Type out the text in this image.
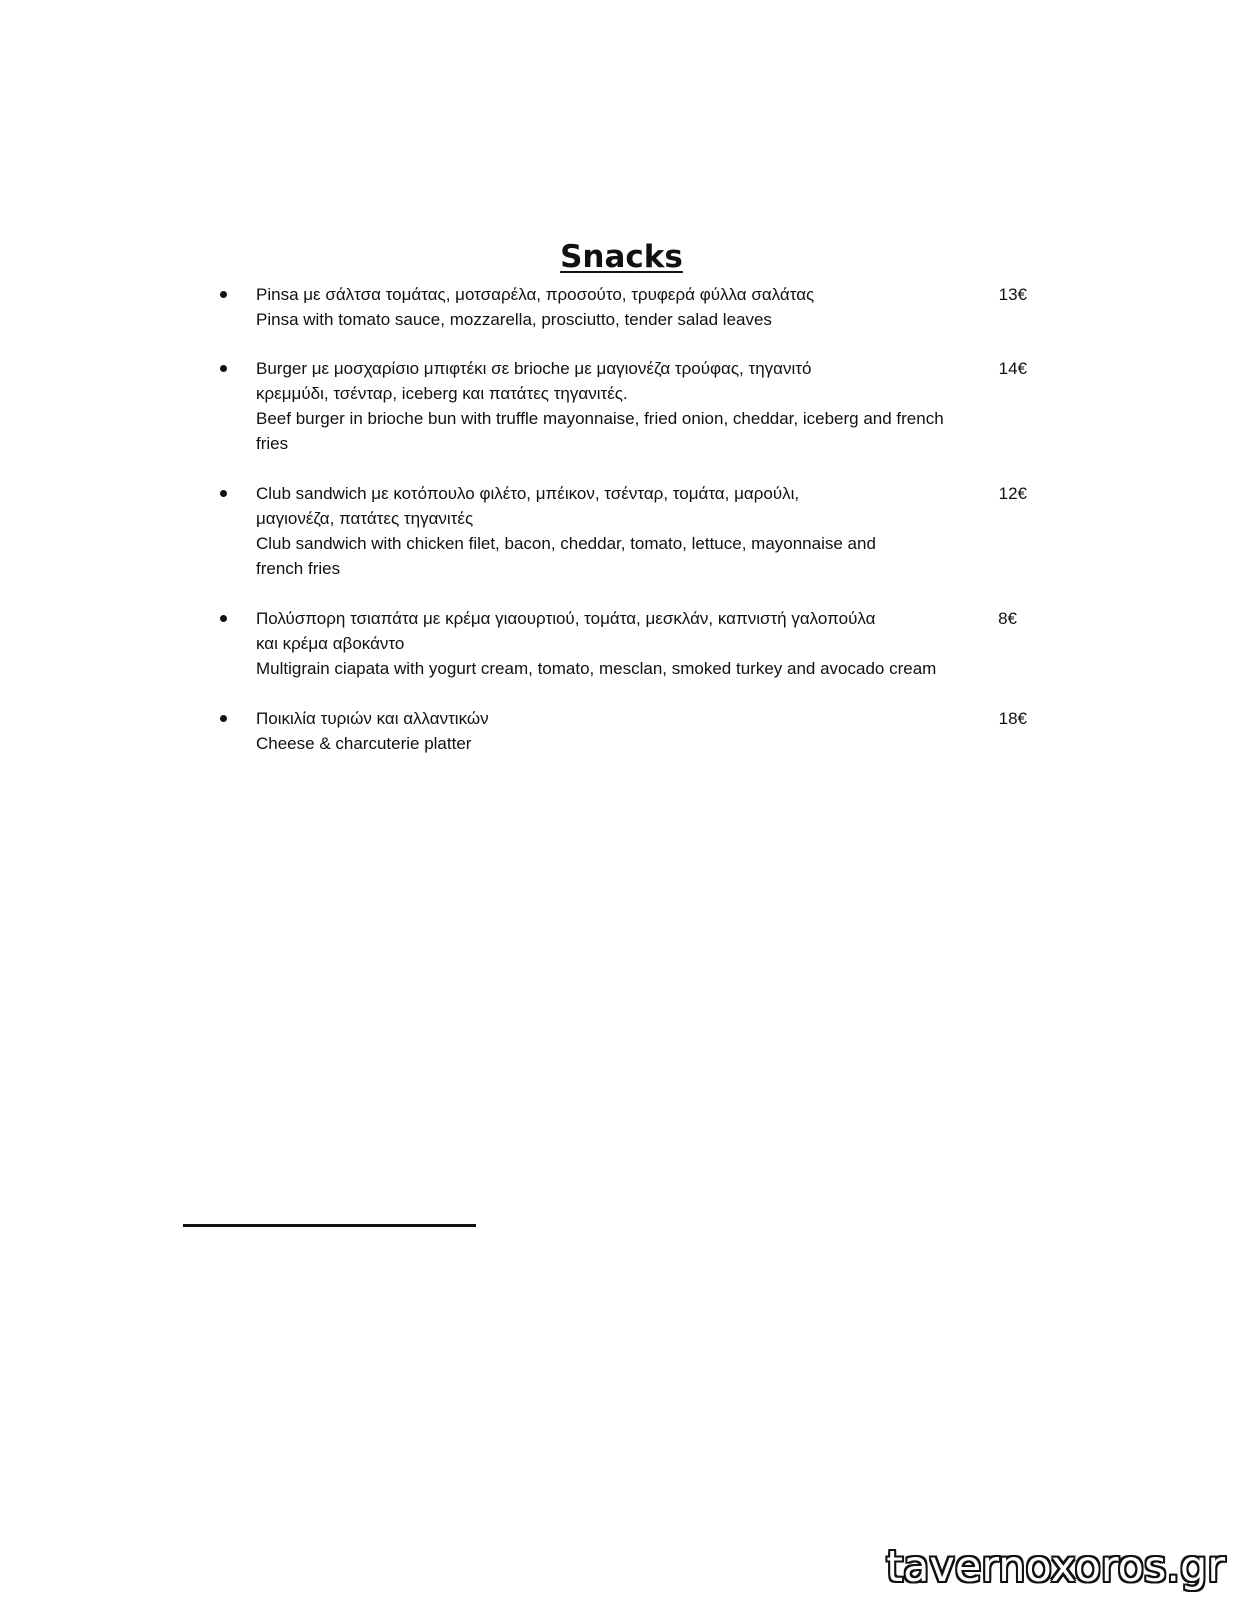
Snacks
Pinsa με σάλτσα τομάτας, μοτσαρέλα, προσούτο, τρυφερά φύλλα σαλάτας
Pinsa with tomato sauce, mozzarella, prosciutto, tender salad leaves
13€
Burger με μοσχαρίσιο μπιφτέκι σε brioche με μαγιονέζα τρούφας, τηγανιτό
κρεμμύδι, τσένταρ, iceberg και πατάτες τηγανιτές.
Beef burger in brioche bun with truffle mayonnaise, fried onion, cheddar, iceberg and french
fries
14€
Club sandwich με κοτόπουλο φιλέτο, μπέικον, τσένταρ, τομάτα, μαρούλι,
μαγιονέζα, πατάτες τηγανιτές
Club sandwich with chicken filet, bacon, cheddar, tomato, lettuce, mayonnaise and
french fries
12€
Πολύσπορη τσιαπάτα με κρέμα γιαουρτιού, τομάτα, μεσκλάν, καπνιστή γαλοπούλα
και κρέμα αβοκάντο
Multigrain ciapata with yogurt cream, tomato, mesclan, smoked turkey and avocado cream
8€
Ποικιλία τυριών και αλλαντικών
Cheese & charcuterie platter
18€
tavernoxoros.gr
